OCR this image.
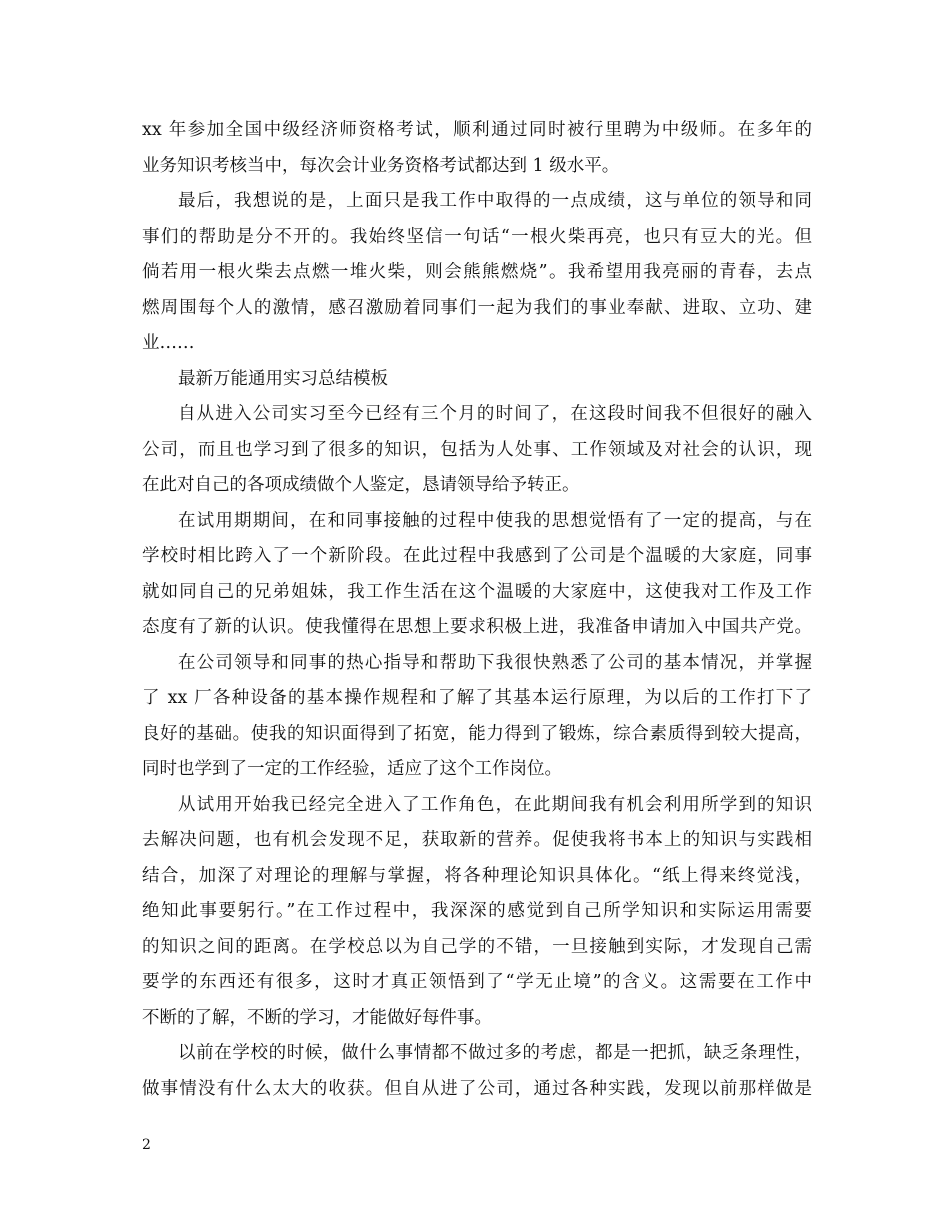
xx 年参加全国中级经济师资格考试，顺利通过同时被行里聘为中级师。在多年的
业务知识考核当中，每次会计业务资格考试都达到 1 级水平。
最后，我想说的是，上面只是我工作中取得的一点成绩，这与单位的领导和同
事们的帮助是分不开的。我始终坚信一句话“一根火柴再亮，也只有豆大的光。但
倘若用一根火柴去点燃一堆火柴，则会熊熊燃烧”。我希望用我亮丽的青春，去点
燃周围每个人的激情，感召激励着同事们一起为我们的事业奉献、进取、立功、建
业……
最新万能通用实习总结模板
自从进入公司实习至今已经有三个月的时间了，在这段时间我不但很好的融入
公司，而且也学习到了很多的知识，包括为人处事、工作领域及对社会的认识，现
在此对自己的各项成绩做个人鉴定，恳请领导给予转正。
在试用期期间，在和同事接触的过程中使我的思想觉悟有了一定的提高，与在
学校时相比跨入了一个新阶段。在此过程中我感到了公司是个温暖的大家庭，同事
就如同自己的兄弟姐妹，我工作生活在这个温暖的大家庭中，这使我对工作及工作
态度有了新的认识。使我懂得在思想上要求积极上进，我准备申请加入中国共产党。
在公司领导和同事的热心指导和帮助下我很快熟悉了公司的基本情况，并掌握
了 xx 厂各种设备的基本操作规程和了解了其基本运行原理，为以后的工作打下了
良好的基础。使我的知识面得到了拓宽，能力得到了锻炼，综合素质得到较大提高，
同时也学到了一定的工作经验，适应了这个工作岗位。
从试用开始我已经完全进入了工作角色，在此期间我有机会利用所学到的知识
去解决问题，也有机会发现不足，获取新的营养。促使我将书本上的知识与实践相
结合，加深了对理论的理解与掌握，将各种理论知识具体化。“纸上得来终觉浅，
绝知此事要躬行。”在工作过程中，我深深的感觉到自己所学知识和实际运用需要
的知识之间的距离。在学校总以为自己学的不错，一旦接触到实际，才发现自己需
要学的东西还有很多，这时才真正领悟到了“学无止境”的含义。这需要在工作中
不断的了解，不断的学习，才能做好每件事。
以前在学校的时候，做什么事情都不做过多的考虑，都是一把抓，缺乏条理性，
做事情没有什么太大的收获。但自从进了公司，通过各种实践，发现以前那样做是
2
